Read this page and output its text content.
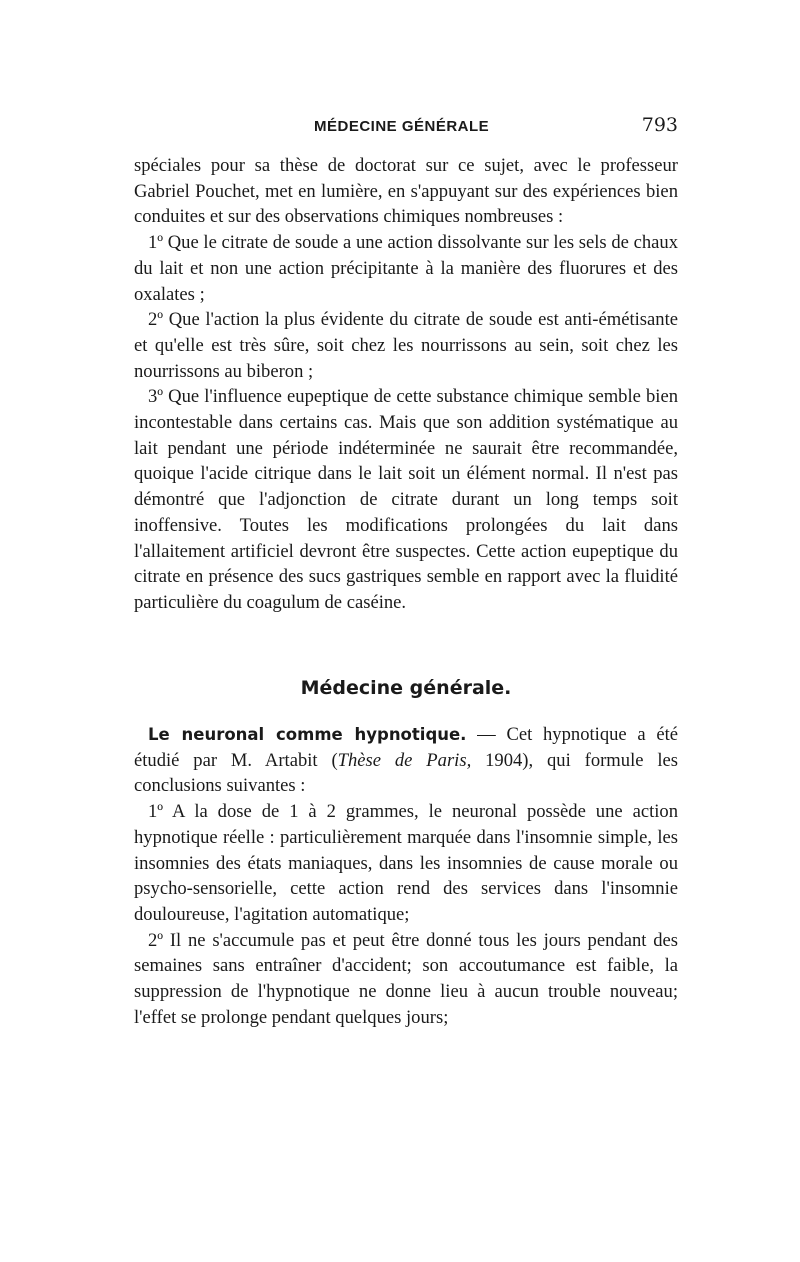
MÉDECINE GÉNÉRALE	793

spéciales pour sa thèse de doctorat sur ce sujet, avec le professeur Gabriel Pouchet, met en lumière, en s'appuyant sur des expériences bien conduites et sur des observations chimiques nombreuses :

1º Que le citrate de soude a une action dissolvante sur les sels de chaux du lait et non une action précipitante à la manière des fluorures et des oxalates ;

2º Que l'action la plus évidente du citrate de soude est anti-émétisante et qu'elle est très sûre, soit chez les nourrissons au sein, soit chez les nourrissons au biberon ;

3º Que l'influence eupeptique de cette substance chimique semble bien incontestable dans certains cas. Mais que son addition systématique au lait pendant une période indéterminée ne saurait être recommandée, quoique l'acide citrique dans le lait soit un élément normal. Il n'est pas démontré que l'adjonction de citrate durant un long temps soit inoffensive. Toutes les modifications prolongées du lait dans l'allaitement artificiel devront être suspectes. Cette action eupeptique du citrate en présence des sucs gastriques semble en rapport avec la fluidité particulière du coagulum de caséine.

Médecine générale.

Le neuronal comme hypnotique. — Cet hypnotique a été étudié par M. Artabit (Thèse de Paris, 1904), qui formule les conclusions suivantes :

1º A la dose de 1 à 2 grammes, le neuronal possède une action hypnotique réelle : particulièrement marquée dans l'insomnie simple, les insomnies des états maniaques, dans les insomnies de cause morale ou psycho-sensorielle, cette action rend des services dans l'insomnie douloureuse, l'agitation automatique;

2º Il ne s'accumule pas et peut être donné tous les jours pendant des semaines sans entraîner d'accident; son accoutumance est faible, la suppression de l'hypnotique ne donne lieu à aucun trouble nouveau; l'effet se prolonge pendant quelques jours;
